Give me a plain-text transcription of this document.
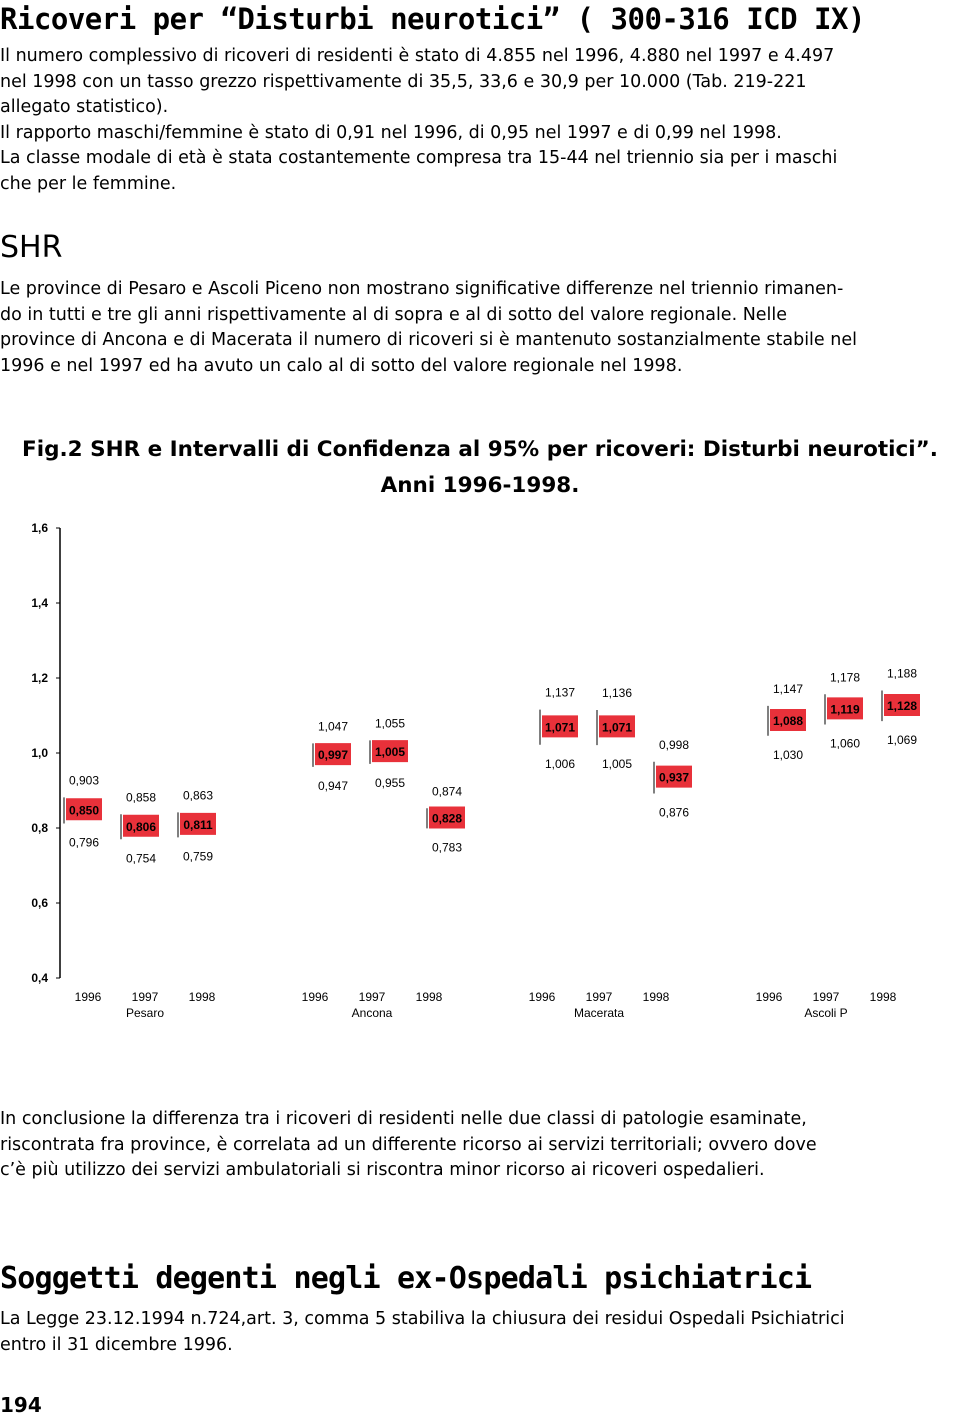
Ricoveri per “Disturbi neurotici” ( 300-316 ICD IX)
Il numero complessivo di ricoveri di residenti è stato di 4.855 nel 1996, 4.880 nel 1997 e 4.497
nel 1998 con un tasso grezzo rispettivamente di 35,5, 33,6 e 30,9 per 10.000 (Tab. 219-221
allegato statistico).
Il rapporto maschi/femmine è stato di 0,91 nel 1996, di 0,95 nel 1997 e di 0,99 nel 1998.
La classe modale di età è stata costantemente compresa tra 15-44 nel triennio sia per i maschi
che per le femmine.
SHR
Le province di Pesaro e Ascoli Piceno non mostrano significative differenze nel triennio rimanen-
do in tutti e tre gli anni rispettivamente al di sopra e al di sotto del valore regionale. Nelle
province di Ancona e di Macerata il numero di ricoveri si è mantenuto sostanzialmente stabile nel
1996 e nel 1997 ed ha avuto un calo al di sotto del valore regionale nel 1998.
Fig.2 SHR e Intervalli di Confidenza al 95% per ricoveri: Disturbi neurotici”.
Anni 1996-1998.
0,4
0,6
0,8
1,0
1,2
1,4
1,6
0,850
0,903
0,796
0,806
0,858
0,754
0,811
0,863
0,759
0,997
1,047
0,947
1,005
1,055
0,955
0,828
0,874
0,783
1,071
1,137
1,006
1,071
1,136
1,005
0,937
0,998
0,876
1,088
1,147
1,030
1,119
1,178
1,060
1,128
1,188
1,069
1996	1997	1998	1996	1997	1998	1996	1997	1998	1996	1997	1998
Pesaro	Ancona	Macerata	Ascoli P
In conclusione la differenza tra i ricoveri di residenti nelle due classi di patologie esaminate,
riscontrata fra province, è correlata ad un differente ricorso ai servizi territoriali; ovvero dove
c’è più utilizzo dei servizi ambulatoriali si riscontra minor ricorso ai ricoveri ospedalieri.
Soggetti degenti negli ex-Ospedali psichiatrici
La Legge 23.12.1994 n.724,art. 3, comma 5 stabiliva la chiusura dei residui Ospedali Psichiatrici
entro il 31 dicembre 1996.
194
